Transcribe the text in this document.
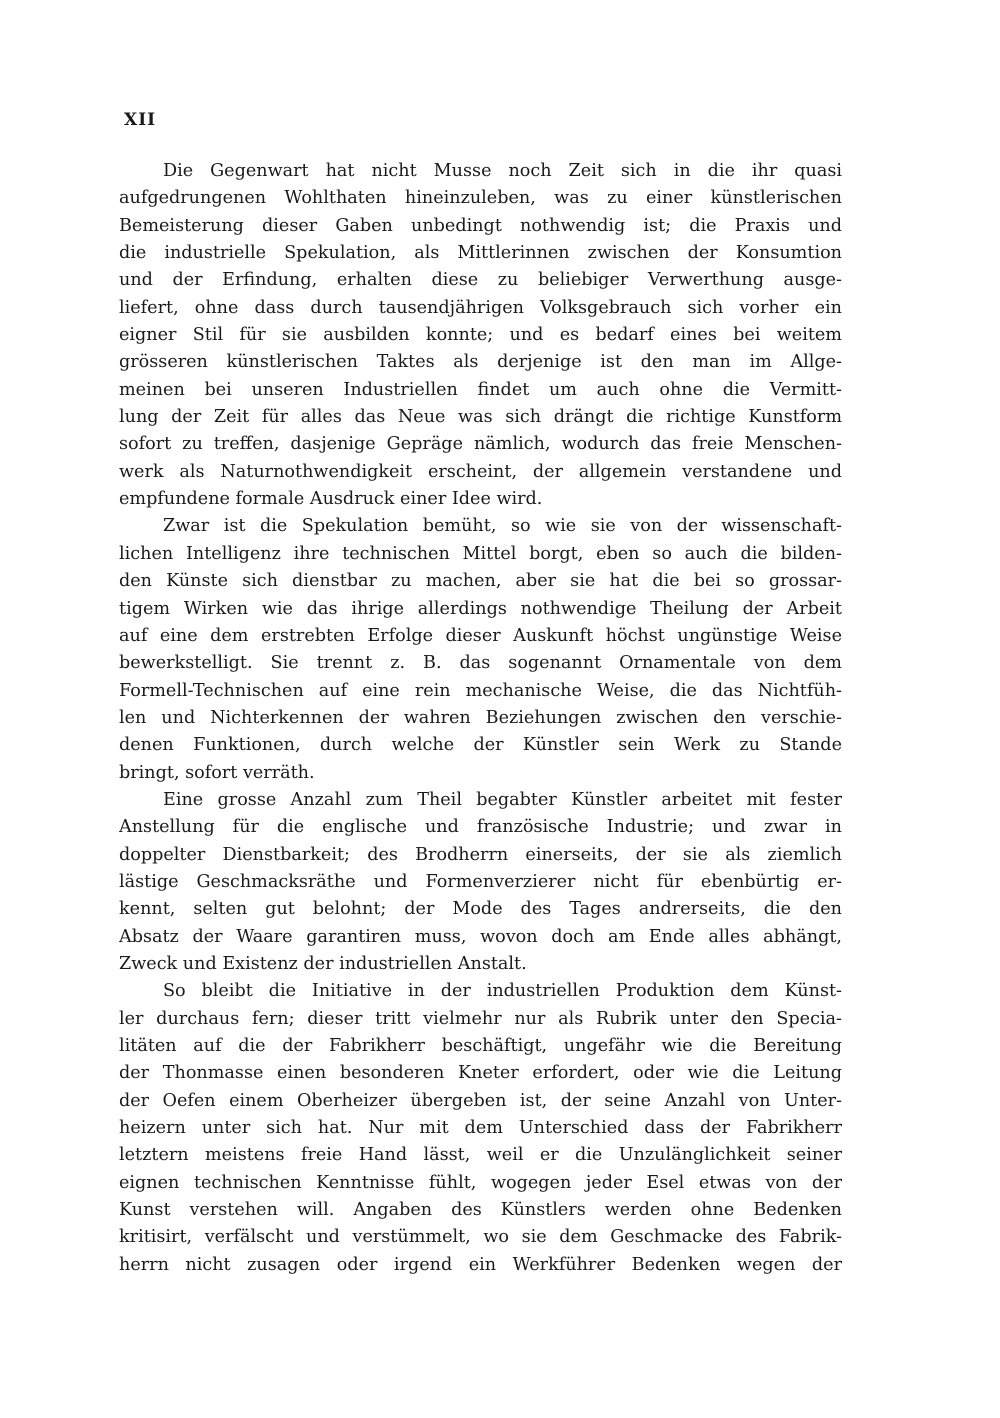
XII
Die Gegenwart hat nicht Musse noch Zeit sich in die ihr quasi
aufgedrungenen Wohlthaten hineinzuleben, was zu einer künstlerischen
Bemeisterung dieser Gaben unbedingt nothwendig ist; die Praxis und
die industrielle Spekulation, als Mittlerinnen zwischen der Konsumtion
und der Erfindung, erhalten diese zu beliebiger Verwerthung ausge-
liefert, ohne dass durch tausendjährigen Volksgebrauch sich vorher ein
eigner Stil für sie ausbilden konnte; und es bedarf eines bei weitem
grösseren künstlerischen Taktes als derjenige ist den man im Allge-
meinen bei unseren Industriellen findet um auch ohne die Vermitt-
lung der Zeit für alles das Neue was sich drängt die richtige Kunstform
sofort zu treffen, dasjenige Gepräge nämlich, wodurch das freie Menschen-
werk als Naturnothwendigkeit erscheint, der allgemein verstandene und
empfundene formale Ausdruck einer Idee wird.
Zwar ist die Spekulation bemüht, so wie sie von der wissenschaft-
lichen Intelligenz ihre technischen Mittel borgt, eben so auch die bilden-
den Künste sich dienstbar zu machen, aber sie hat die bei so grossar-
tigem Wirken wie das ihrige allerdings nothwendige Theilung der Arbeit
auf eine dem erstrebten Erfolge dieser Auskunft höchst ungünstige Weise
bewerkstelligt. Sie trennt z. B. das sogenannt Ornamentale von dem
Formell-Technischen auf eine rein mechanische Weise, die das Nichtfüh-
len und Nichterkennen der wahren Beziehungen zwischen den verschie-
denen Funktionen, durch welche der Künstler sein Werk zu Stande
bringt, sofort verräth.
Eine grosse Anzahl zum Theil begabter Künstler arbeitet mit fester
Anstellung für die englische und französische Industrie; und zwar in
doppelter Dienstbarkeit; des Brodherrn einerseits, der sie als ziemlich
lästige Geschmacksräthe und Formenverzierer nicht für ebenbürtig er-
kennt, selten gut belohnt; der Mode des Tages andrerseits, die den
Absatz der Waare garantiren muss, wovon doch am Ende alles abhängt,
Zweck und Existenz der industriellen Anstalt.
So bleibt die Initiative in der industriellen Produktion dem Künst-
ler durchaus fern; dieser tritt vielmehr nur als Rubrik unter den Specia-
litäten auf die der Fabrikherr beschäftigt, ungefähr wie die Bereitung
der Thonmasse einen besonderen Kneter erfordert, oder wie die Leitung
der Oefen einem Oberheizer übergeben ist, der seine Anzahl von Unter-
heizern unter sich hat. Nur mit dem Unterschied dass der Fabrikherr
letztern meistens freie Hand lässt, weil er die Unzulänglichkeit seiner
eignen technischen Kenntnisse fühlt, wogegen jeder Esel etwas von der
Kunst verstehen will. Angaben des Künstlers werden ohne Bedenken
kritisirt, verfälscht und verstümmelt, wo sie dem Geschmacke des Fabrik-
herrn nicht zusagen oder irgend ein Werkführer Bedenken wegen der
